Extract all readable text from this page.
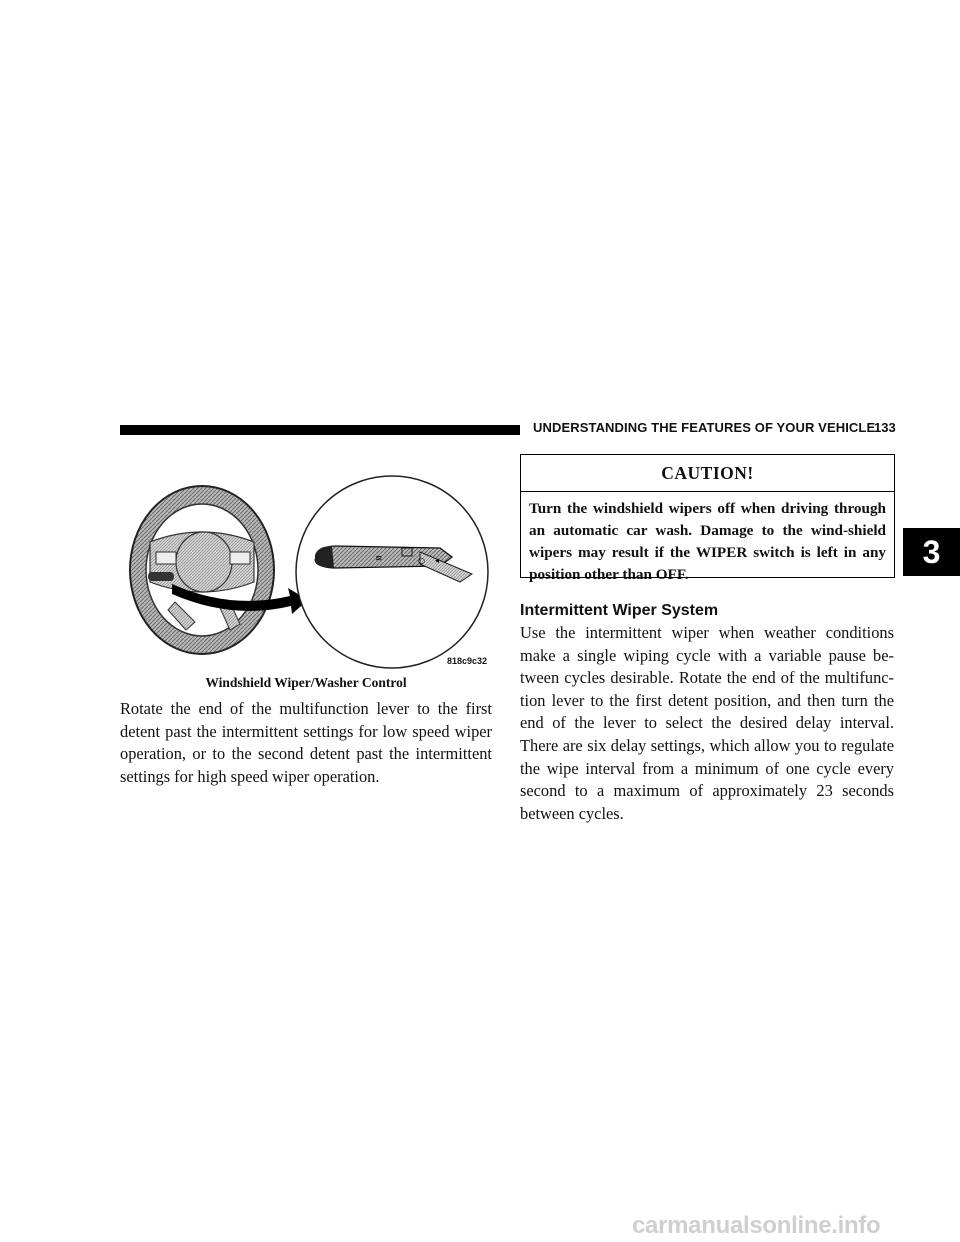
UNDERSTANDING THE FEATURES OF YOUR VEHICLE
133
3
≋	○ ◂
818c9c32
Windshield Wiper/Washer Control

Rotate the end of the multifunction lever to the first detent past the intermittent settings for low speed wiper operation, or to the second detent past the intermittent settings for high speed wiper operation.

CAUTION!

Turn the windshield wipers off when driving through an automatic car wash. Damage to the wind-shield wipers may result if the WIPER switch is left in any position other than OFF.

Intermittent Wiper System

Use the intermittent wiper when weather conditions make a single wiping cycle with a variable pause be-tween cycles desirable. Rotate the end of the multifunc-tion lever to the first detent position, and then turn the end of the lever to select the desired delay interval. There are six delay settings, which allow you to regulate the wipe interval from a minimum of one cycle every second to a maximum of approximately 23 seconds between cycles.

carmanualsonline.info
